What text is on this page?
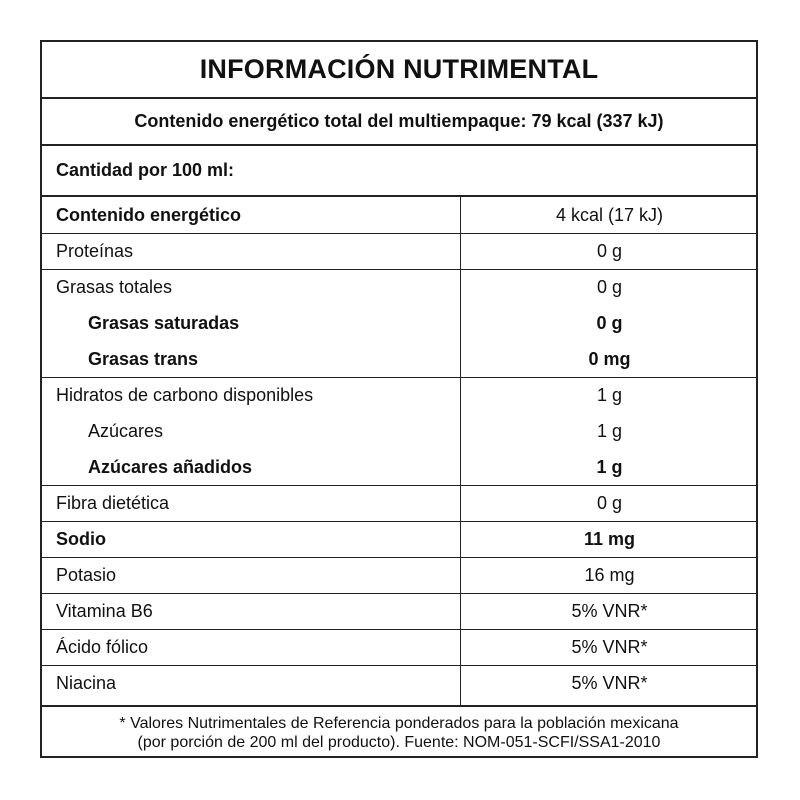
INFORMACIÓN NUTRIMENTAL
Contenido energético total del multiempaque: 79 kcal (337 kJ)
Cantidad por 100 ml:
Contenido energético	4 kcal (17 kJ)
Proteínas	0 g
Grasas totales	0 g
Grasas saturadas	0 g
Grasas trans	0 mg
Hidratos de carbono disponibles	1 g
Azúcares	1 g
Azúcares añadidos	1 g
Fibra dietética	0 g
Sodio	11 mg
Potasio	16 mg
Vitamina B6	5% VNR*
Ácido fólico	5% VNR*
Niacina	5% VNR*
* Valores Nutrimentales de Referencia ponderados para la población mexicana
(por porción de 200 ml del producto). Fuente: NOM-051-SCFI/SSA1-2010
